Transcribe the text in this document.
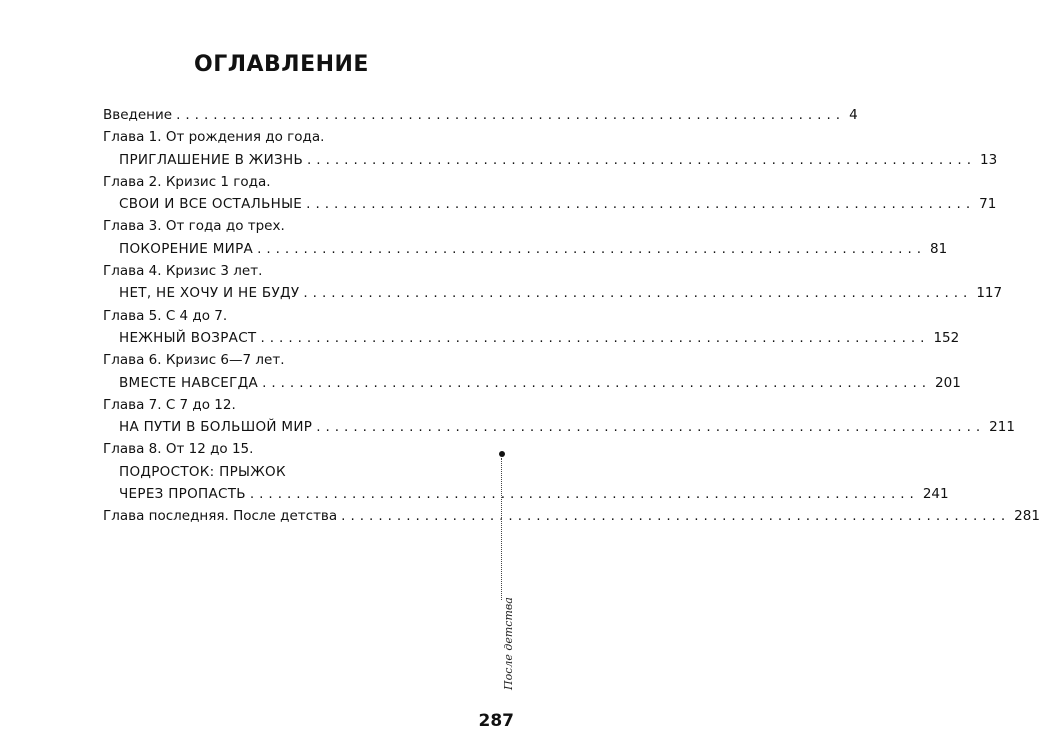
ОГЛАВЛЕНИЕ
Введение ........................................................................ 4
Глава 1. От рождения до года.
ПРИГЛАШЕНИЕ В ЖИЗНЬ ........................................................................ 13
Глава 2. Кризис 1 года.
СВОИ И ВСЕ ОСТАЛЬНЫЕ ........................................................................ 71
Глава 3. От года до трех.
ПОКОРЕНИЕ МИРА ........................................................................ 81
Глава 4. Кризис 3 лет.
НЕТ, НЕ ХОЧУ И НЕ БУДУ ........................................................................ 117
Глава 5. С 4 до 7.
НЕЖНЫЙ ВОЗРАСТ ........................................................................ 152
Глава 6. Кризис 6—7 лет.
ВМЕСТЕ НАВСЕГДА ........................................................................ 201
Глава 7. С 7 до 12.
НА ПУТИ В БОЛЬШОЙ МИР ........................................................................ 211
Глава 8. От 12 до 15.
ПОДРОСТОК: ПРЫЖОК
ЧЕРЕЗ ПРОПАСТЬ ........................................................................ 241
Глава последняя. После детства ........................................................................ 281
После детства
287
